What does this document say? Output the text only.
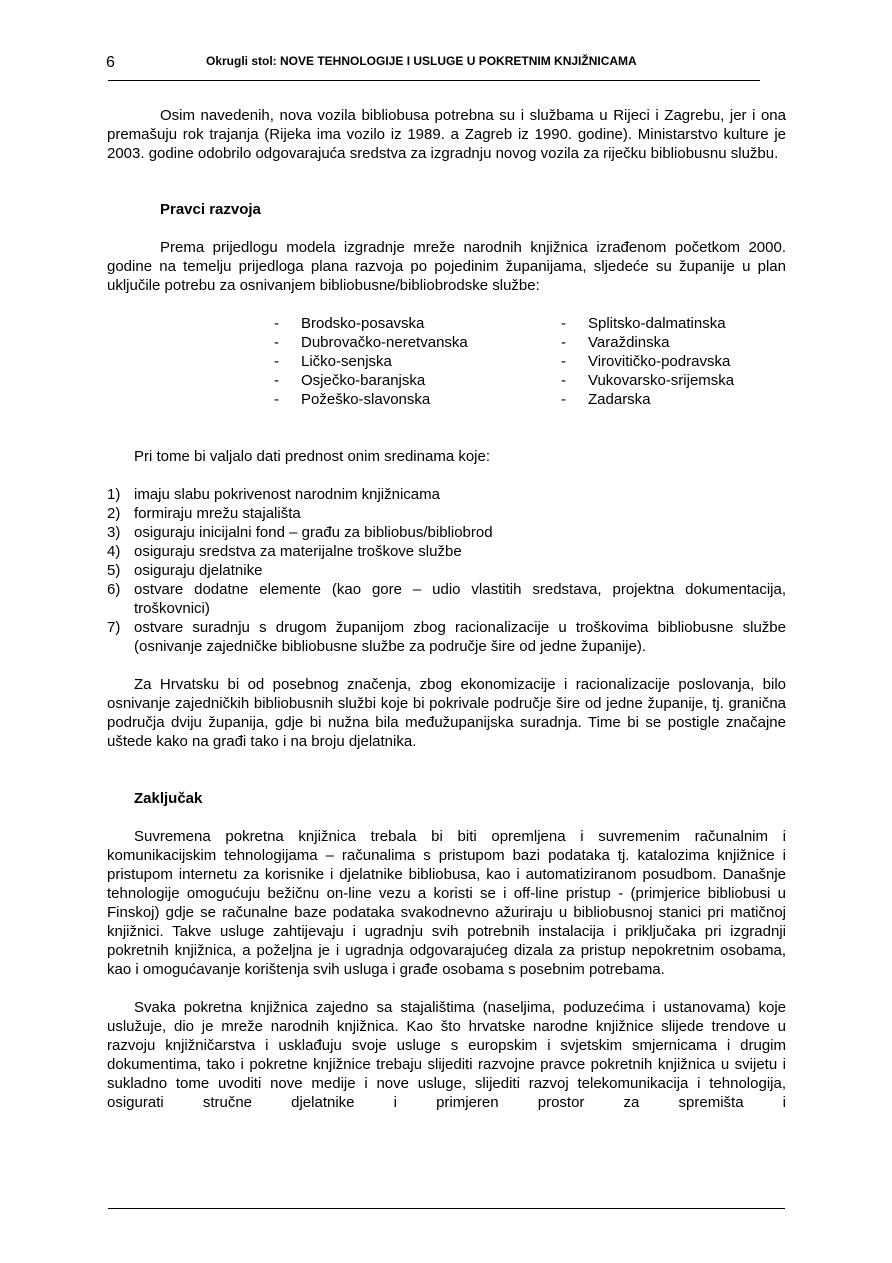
6	Okrugli stol: NOVE TEHNOLOGIJE I USLUGE U POKRETNIM KNJIŽNICAMA

Osim navedenih, nova vozila bibliobusa potrebna su i službama u Rijeci i Zagrebu, jer i ona premašuju rok trajanja (Rijeka ima vozilo iz 1989. a Zagreb iz 1990. godine). Ministarstvo kulture je 2003. godine odobrilo odgovarajuća sredstva za izgradnju novog vozila za riječku bibliobusnu službu.

Pravci razvoja

Prema prijedlogu modela izgradnje mreže narodnih knjižnica izrađenom početkom 2000. godine na temelju prijedloga plana razvoja po pojedinim županijama, sljedeće su županije u plan uključile potrebu za osnivanjem bibliobusne/bibliobrodske službe:

-	Brodsko-posavska
-	Dubrovačko-neretvanska
-	Ličko-senjska
-	Osječko-baranjska
-	Požeško-slavonska
-	Splitsko-dalmatinska
-	Varaždinska
-	Virovitičko-podravska
-	Vukovarsko-srijemska
-	Zadarska

Pri tome bi valjalo dati prednost onim sredinama koje:

1) imaju slabu pokrivenost narodnim knjižnicama
2) formiraju mrežu stajališta
3) osiguraju inicijalni fond – građu za bibliobus/bibliobrod
4) osiguraju sredstva za materijalne troškove službe
5) osiguraju djelatnike
6) ostvare dodatne elemente (kao gore – udio vlastitih sredstava, projektna dokumentacija, troškovnici)
7) ostvare suradnju s drugom županijom zbog racionalizacije u troškovima bibliobusne službe (osnivanje zajedničke bibliobusne službe za područje šire od jedne županije).

Za Hrvatsku bi od posebnog značenja, zbog ekonomizacije i racionalizacije poslovanja, bilo osnivanje zajedničkih bibliobusnih službi koje bi pokrivale područje šire od jedne županije, tj. granična područja dviju županija, gdje bi nužna bila međužupanijska suradnja. Time bi se postigle značajne uštede kako na građi tako i na broju djelatnika.

Zaključak

Suvremena pokretna knjižnica trebala bi biti opremljena i suvremenim računalnim i komunikacijskim tehnologijama – računalima s pristupom bazi podataka tj. katalozima knjižnice i pristupom internetu za korisnike i djelatnike bibliobusa, kao i automatiziranom posudbom. Današnje tehnologije omogućuju bežičnu on-line vezu a koristi se i off-line pristup - (primjerice bibliobusi u Finskoj) gdje se računalne baze podataka svakodnevno ažuriraju u bibliobusnoj stanici pri matičnoj knjižnici. Takve usluge zahtijevaju i ugradnju svih potrebnih instalacija i priključaka pri izgradnji pokretnih knjižnica, a poželjna je i ugradnja odgovarajućeg dizala za pristup nepokretnim osobama, kao i omogućavanje korištenja svih usluga i građe osobama s posebnim potrebama.

Svaka pokretna knjižnica zajedno sa stajalištima (naseljima, poduzećima i ustanovama) koje uslužuje, dio je mreže narodnih knjižnica. Kao što hrvatske narodne knjižnice slijede trendove u razvoju knjižničarstva i usklađuju svoje usluge s europskim i svjetskim smjernicama i drugim dokumentima, tako i pokretne knjižnice trebaju slijediti razvojne pravce pokretnih knjižnica u svijetu i sukladno tome uvoditi nove medije i nove usluge, slijediti razvoj telekomunikacija i tehnologija, osigurati stručne djelatnike i primjeren prostor za spremišta i
